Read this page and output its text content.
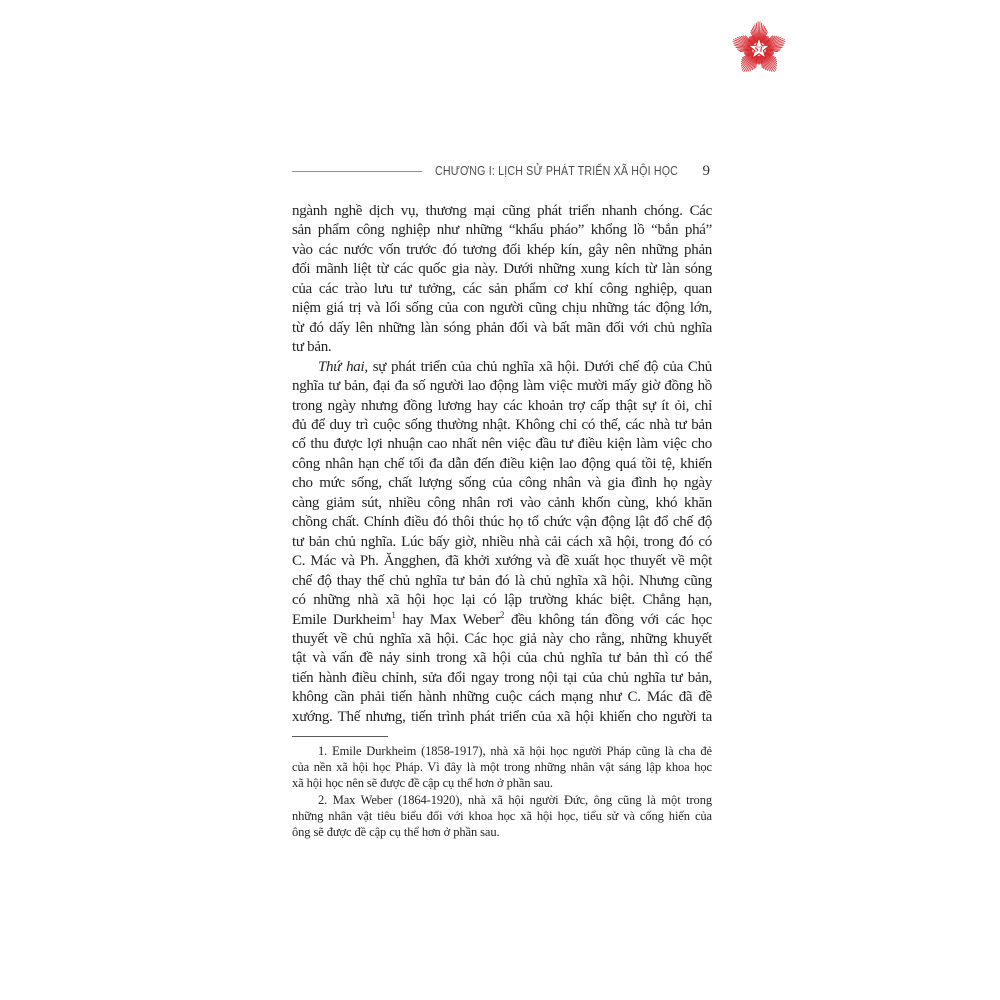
ST
CHƯƠNG I: LỊCH SỬ PHÁT TRIỂN XÃ HỘI HỌC 9
ngành nghề dịch vụ, thương mại cũng phát triển nhanh chóng. Các
sản phẩm công nghiệp như những “khẩu pháo” khổng lồ “bắn phá”
vào các nước vốn trước đó tương đối khép kín, gây nên những phản
đối mãnh liệt từ các quốc gia này. Dưới những xung kích từ làn sóng
của các trào lưu tư tưởng, các sản phẩm cơ khí công nghiệp, quan
niệm giá trị và lối sống của con người cũng chịu những tác động lớn,
từ đó dấy lên những làn sóng phản đối và bất mãn đối với chủ nghĩa
tư bản.
Thứ hai, sự phát triển của chủ nghĩa xã hội. Dưới chế độ của Chủ
nghĩa tư bản, đại đa số người lao động làm việc mười mấy giờ đồng hồ
trong ngày nhưng đồng lương hay các khoản trợ cấp thật sự ít ỏi, chỉ
đủ để duy trì cuộc sống thường nhật. Không chỉ có thế, các nhà tư bản
cố thu được lợi nhuận cao nhất nên việc đầu tư điều kiện làm việc cho
công nhân hạn chế tối đa dẫn đến điều kiện lao động quá tồi tệ, khiến
cho mức sống, chất lượng sống của công nhân và gia đình họ ngày
càng giảm sút, nhiều công nhân rơi vào cảnh khốn cùng, khó khăn
chồng chất. Chính điều đó thôi thúc họ tổ chức vận động lật đổ chế độ
tư bản chủ nghĩa. Lúc bấy giờ, nhiều nhà cải cách xã hội, trong đó có
C. Mác và Ph. Ăngghen, đã khởi xướng và đề xuất học thuyết về một
chế độ thay thế chủ nghĩa tư bản đó là chủ nghĩa xã hội. Nhưng cũng
có những nhà xã hội học lại có lập trường khác biệt. Chẳng hạn,
Emile Durkheim$^1$ hay Max Weber$^2$ đều không tán đồng với các học
thuyết về chủ nghĩa xã hội. Các học giả này cho rằng, những khuyết
tật và vấn đề nảy sinh trong xã hội của chủ nghĩa tư bản thì có thể
tiến hành điều chỉnh, sửa đổi ngay trong nội tại của chủ nghĩa tư bản,
không cần phải tiến hành những cuộc cách mạng như C. Mác đã đề
xướng. Thế nhưng, tiến trình phát triển của xã hội khiến cho người ta
1. Emile Durkheim (1858-1917), nhà xã hội học người Pháp cũng là cha đẻ
của nền xã hội học Pháp. Vì đây là một trong những nhân vật sáng lập khoa học
xã hội học nên sẽ được đề cập cụ thể hơn ở phần sau.
2. Max Weber (1864-1920), nhà xã hội người Đức, ông cũng là một trong
những nhân vật tiêu biểu đối với khoa học xã hội học, tiểu sử và cống hiến của
ông sẽ được đề cập cụ thể hơn ở phần sau.
